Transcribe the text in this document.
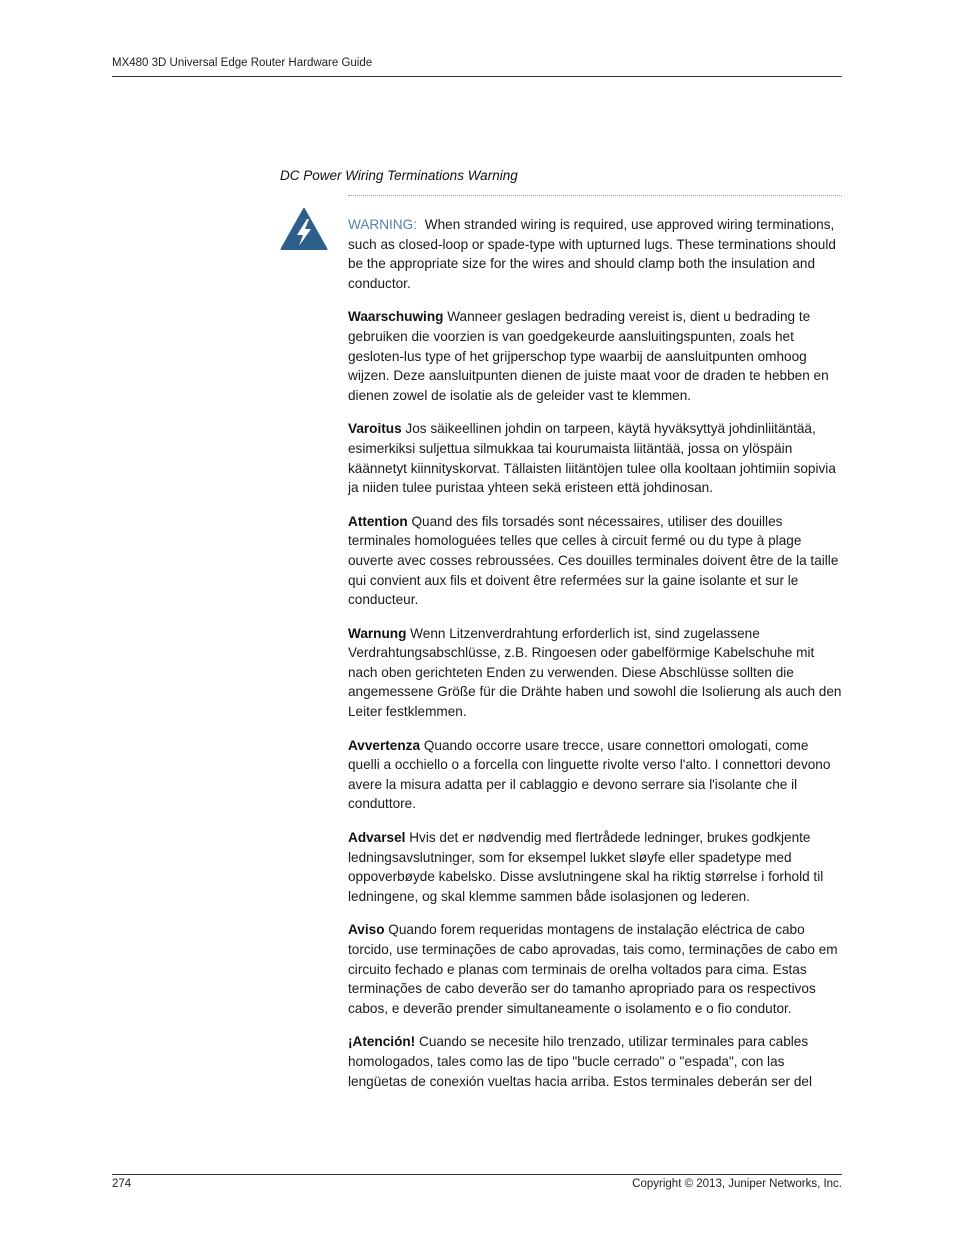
MX480 3D Universal Edge Router Hardware Guide
DC Power Wiring Terminations Warning

WARNING: When stranded wiring is required, use approved wiring terminations, such as closed-loop or spade-type with upturned lugs. These terminations should be the appropriate size for the wires and should clamp both the insulation and conductor.

Waarschuwing Wanneer geslagen bedrading vereist is, dient u bedrading te gebruiken die voorzien is van goedgekeurde aansluitingspunten, zoals het gesloten-lus type of het grijperschop type waarbij de aansluitpunten omhoog wijzen. Deze aansluitpunten dienen de juiste maat voor de draden te hebben en dienen zowel de isolatie als de geleider vast te klemmen.

Varoitus Jos säikeellinen johdin on tarpeen, käytä hyväksyttyä johdinliitäntää, esimerkiksi suljettua silmukkaa tai kourumaista liitäntää, jossa on ylöspäin käännetyt kiinnityskorvat. Tällaisten liitäntöjen tulee olla kooltaan johtimiin sopivia ja niiden tulee puristaa yhteen sekä eristeen että johdinosan.

Attention Quand des fils torsadés sont nécessaires, utiliser des douilles terminales homologuées telles que celles à circuit fermé ou du type à plage ouverte avec cosses rebroussées. Ces douilles terminales doivent être de la taille qui convient aux fils et doivent être refermées sur la gaine isolante et sur le conducteur.

Warnung Wenn Litzenverdrahtung erforderlich ist, sind zugelassene Verdrahtungsabschlüsse, z.B. Ringoesen oder gabelförmige Kabelschuhe mit nach oben gerichteten Enden zu verwenden. Diese Abschlüsse sollten die angemessene Größe für die Drähte haben und sowohl die Isolierung als auch den Leiter festklemmen.

Avvertenza Quando occorre usare trecce, usare connettori omologati, come quelli a occhiello o a forcella con linguette rivolte verso l'alto. I connettori devono avere la misura adatta per il cablaggio e devono serrare sia l'isolante che il conduttore.

Advarsel Hvis det er nødvendig med flertrådede ledninger, brukes godkjente ledningsavslutninger, som for eksempel lukket sløyfe eller spadetype med oppoverbøyde kabelsko. Disse avslutningene skal ha riktig størrelse i forhold til ledningene, og skal klemme sammen både isolasjonen og lederen.

Aviso Quando forem requeridas montagens de instalação eléctrica de cabo torcido, use terminações de cabo aprovadas, tais como, terminações de cabo em circuito fechado e planas com terminais de orelha voltados para cima. Estas terminações de cabo deverão ser do tamanho apropriado para os respectivos cabos, e deverão prender simultaneamente o isolamento e o fio condutor.

¡Atención! Cuando se necesite hilo trenzado, utilizar terminales para cables homologados, tales como las de tipo "bucle cerrado" o "espada", con las lengüetas de conexión vueltas hacia arriba. Estos terminales deberán ser del

274	Copyright © 2013, Juniper Networks, Inc.
